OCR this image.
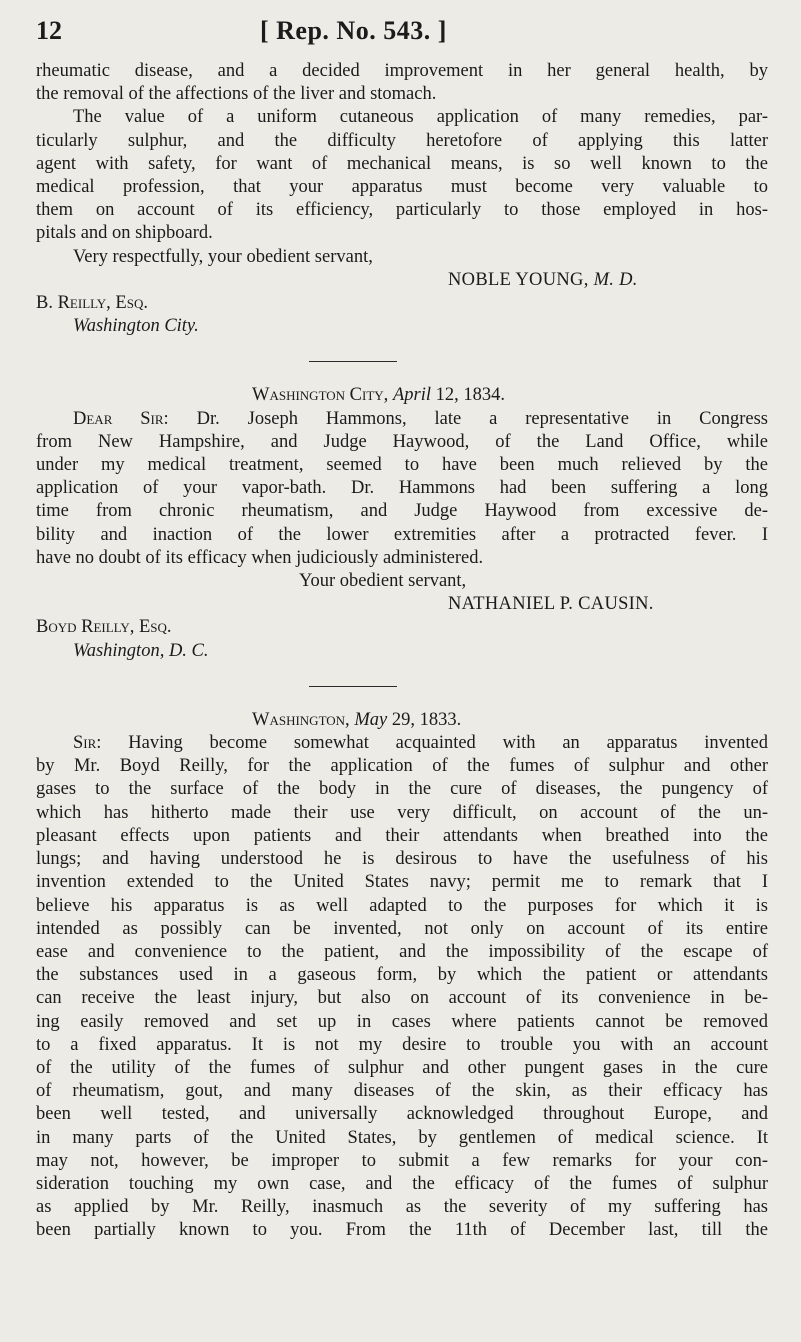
12	[ Rep. No. 543. ]
rheumatic disease, and a decided improvement in her general health, by
the removal of the affections of the liver and stomach.
The value of a uniform cutaneous application of many remedies, par-
ticularly sulphur, and the difficulty heretofore of applying this latter
agent with safety, for want of mechanical means, is so well known to the
medical profession, that your apparatus must become very valuable to
them on account of its efficiency, particularly to those employed in hos-
pitals and on shipboard.
Very respectfully, your obedient servant,
NOBLE YOUNG, M. D.
B. Reilly, Esq.
Washington City.
Washington City, April 12, 1834.
Dear Sir: Dr. Joseph Hammons, late a representative in Congress
from New Hampshire, and Judge Haywood, of the Land Office, while
under my medical treatment, seemed to have been much relieved by the
application of your vapor-bath. Dr. Hammons had been suffering a long
time from chronic rheumatism, and Judge Haywood from excessive de-
bility and inaction of the lower extremities after a protracted fever. I
have no doubt of its efficacy when judiciously administered.
Your obedient servant,
NATHANIEL P. CAUSIN.
Boyd Reilly, Esq.
Washington, D. C.
Washington, May 29, 1833.
Sir: Having become somewhat acquainted with an apparatus invented
by Mr. Boyd Reilly, for the application of the fumes of sulphur and other
gases to the surface of the body in the cure of diseases, the pungency of
which has hitherto made their use very difficult, on account of the un-
pleasant effects upon patients and their attendants when breathed into the
lungs; and having understood he is desirous to have the usefulness of his
invention extended to the United States navy; permit me to remark that I
believe his apparatus is as well adapted to the purposes for which it is
intended as possibly can be invented, not only on account of its entire
ease and convenience to the patient, and the impossibility of the escape of
the substances used in a gaseous form, by which the patient or attendants
can receive the least injury, but also on account of its convenience in be-
ing easily removed and set up in cases where patients cannot be removed
to a fixed apparatus. It is not my desire to trouble you with an account
of the utility of the fumes of sulphur and other pungent gases in the cure
of rheumatism, gout, and many diseases of the skin, as their efficacy has
been well tested, and universally acknowledged throughout Europe, and
in many parts of the United States, by gentlemen of medical science. It
may not, however, be improper to submit a few remarks for your con-
sideration touching my own case, and the efficacy of the fumes of sulphur
as applied by Mr. Reilly, inasmuch as the severity of my suffering has
been partially known to you. From the 11th of December last, till the
